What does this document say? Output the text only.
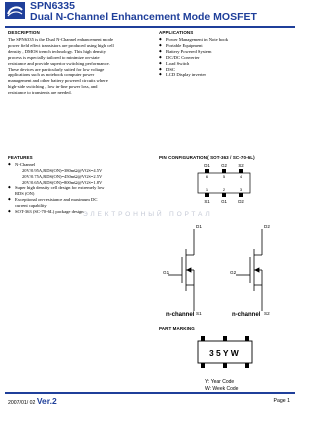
SPN6335
Dual N-Channel Enhancement Mode MOSFET
DESCRIPTION
The SPN6335 is the Dual N-Channel enhancement mode
power field effect transistors are produced using high cell
density , DMOS trench technology. This high density
process is especially tailored to minimize on-state
resistance and provide superior switching performance.
These devices are particularly suited for low voltage
applications such as notebook computer power
management and other battery powered circuits where
high-side switching , low in-line power loss, and
resistance to transients are needed.
APPLICATIONS
◆ Power Management in Note book
◆ Portable Equipment
◆ Battery Powered System
◆ DC/DC Converter
◆ Load Switch
◆ DSC
◆ LCD Display inverter
FEATURES
◆ N-Channel
20V/0.95A,RDS(ON)=380mΩ@VGS=4.5V
20V/0.75A,RDS(ON)=450mΩ@VGS=2.5V
20V/0.65A,RDS(ON)=800mΩ@VGS=1.8V
◆ Super high density cell design for extremely low
RDS (ON)
◆ Exceptional on-resistance and maximum DC
current capability
◆ SOT-363 (SC-70-6L) package design
PIN CONFIGURATION( SOT-363 / SC-70-6L)
D1	G2	S2
6	5	4
1	2	3
S1	G1	D2
ЭЛЕКТРОННЫЙ ПОРТАЛ
D1
G1
S1
D2
G2
S2
n-channel	n-channel
PART MARKING
35YW
Y: Year Code
W: Week Code
2007/01/ 02 Ver.2	Page 1
